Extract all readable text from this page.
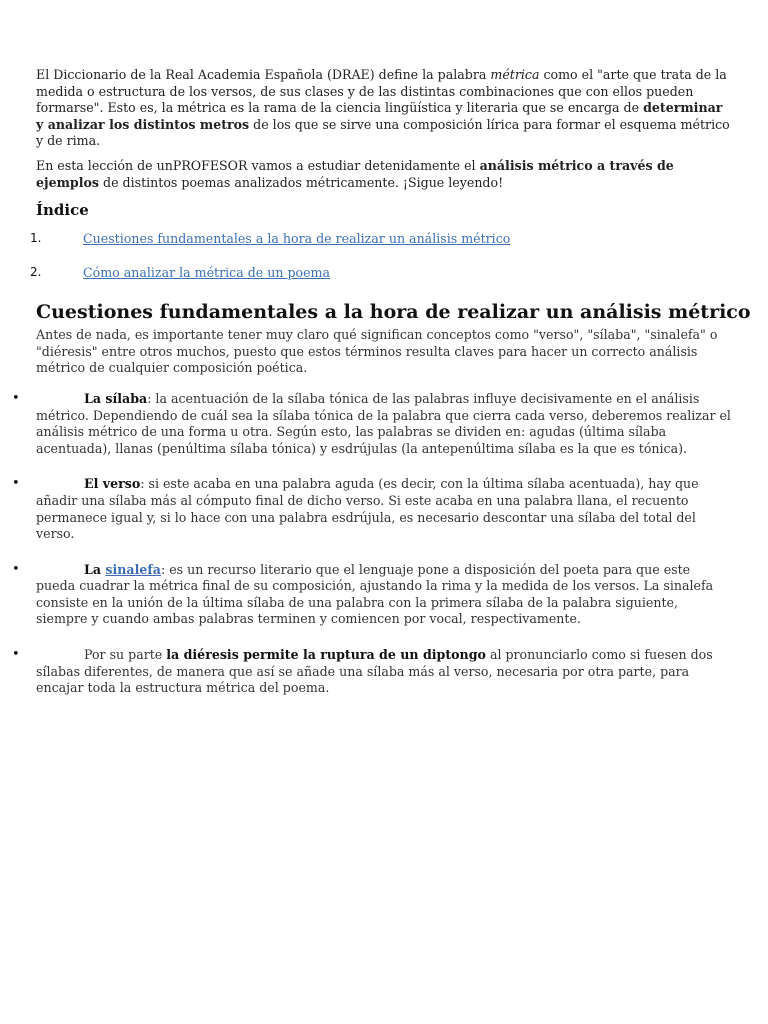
El Diccionario de la Real Academia Española (DRAE) define la palabra métrica como el "arte que trata de la medida o estructura de los versos, de sus clases y de las distintas combinaciones que con ellos pueden formarse". Esto es, la métrica es la rama de la ciencia lingüística y literaria que se encarga de determinar y analizar los distintos metros de los que se sirve una composición lírica para formar el esquema métrico y de rima.

En esta lección de unPROFESOR vamos a estudiar detenidamente el análisis métrico a través de ejemplos de distintos poemas analizados métricamente. ¡Sigue leyendo!

Índice
1.	Cuestiones fundamentales a la hora de realizar un análisis métrico
2.	Cómo analizar la métrica de un poema
Cuestiones fundamentales a la hora de realizar un análisis métrico

Antes de nada, es importante tener muy claro qué significan conceptos como "verso", "sílaba", "sinalefa" o "diéresis" entre otros muchos, puesto que estos términos resulta claves para hacer un correcto análisis métrico de cualquier composición poética.

•	La sílaba: la acentuación de la sílaba tónica de las palabras influye decisivamente en el análisis métrico. Dependiendo de cuál sea la sílaba tónica de la palabra que cierra cada verso, deberemos realizar el análisis métrico de una forma u otra. Según esto, las palabras se dividen en: agudas (última sílaba acentuada), llanas (penúltima sílaba tónica) y esdrújulas (la antepenúltima sílaba es la que es tónica).
•	El verso: si este acaba en una palabra aguda (es decir, con la última sílaba acentuada), hay que añadir una sílaba más al cómputo final de dicho verso. Si este acaba en una palabra llana, el recuento permanece igual y, si lo hace con una palabra esdrújula, es necesario descontar una sílaba del total del verso.
•	La sinalefa: es un recurso literario que el lenguaje pone a disposición del poeta para que este pueda cuadrar la métrica final de su composición, ajustando la rima y la medida de los versos. La sinalefa consiste en la unión de la última sílaba de una palabra con la primera sílaba de la palabra siguiente, siempre y cuando ambas palabras terminen y comiencen por vocal, respectivamente.
•	Por su parte la diéresis permite la ruptura de un diptongo al pronunciarlo como si fuesen dos sílabas diferentes, de manera que así se añade una sílaba más al verso, necesaria por otra parte, para encajar toda la estructura métrica del poema.
